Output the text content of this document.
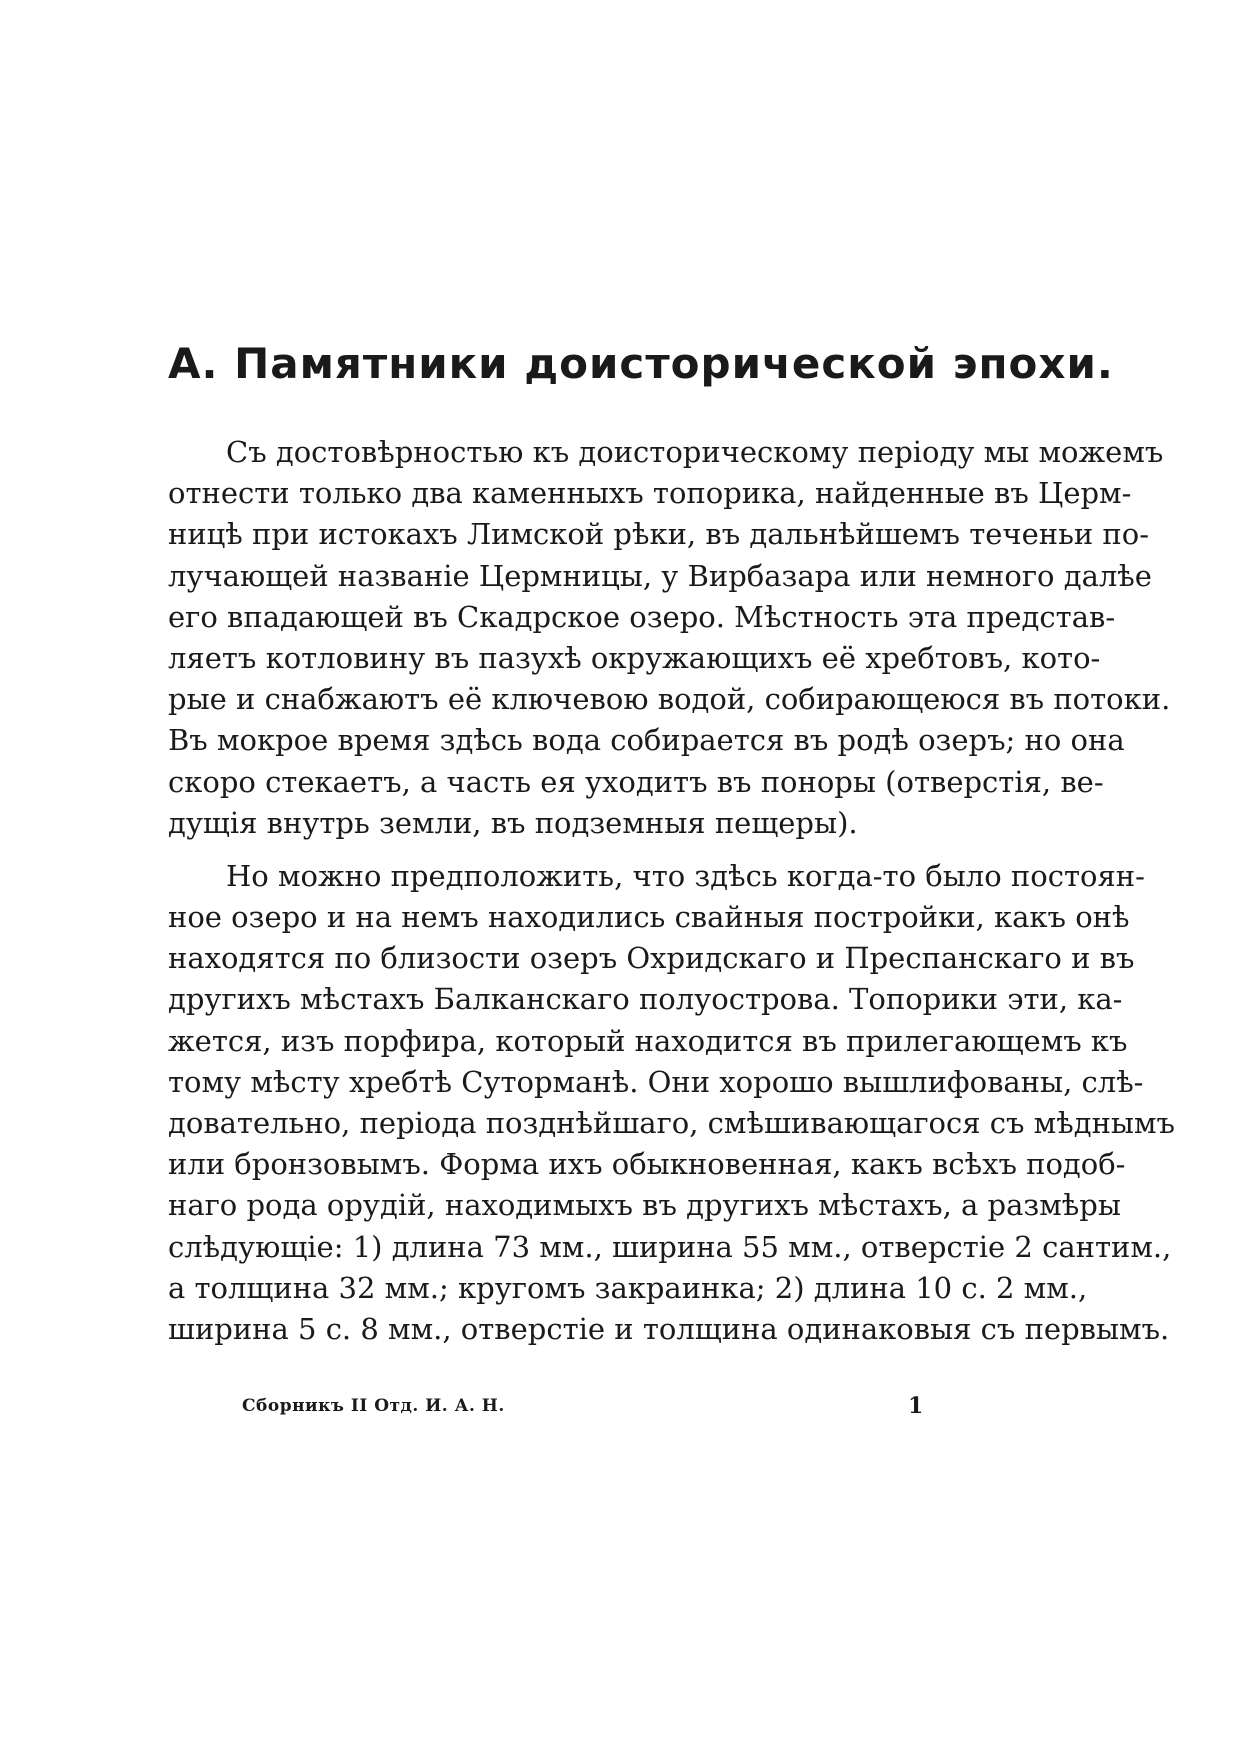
А. Памятники доисторической эпохи.
Съ достовѣрностью къ доисторическому періоду мы можемъ
отнести только два каменныхъ топорика, найденные въ Церм-
ницѣ при истокахъ Лимской рѣки, въ дальнѣйшемъ теченьи по-
лучающей названіе Цермницы, у Вирбазара или немного далѣе
его впадающей въ Скадрское озеро. Мѣстность эта представ-
ляетъ котловину въ пазухѣ окружающихъ её хребтовъ, кото-
рые и снабжаютъ её ключевою водой, собирающеюся въ потоки.
Въ мокрое время здѣсь вода собирается въ родѣ озеръ; но она
скоро стекаетъ, а часть ея уходитъ въ поноры (отверстія, ве-
дущія внутрь земли, въ подземныя пещеры).
Но можно предположить, что здѣсь когда-то было постоян-
ное озеро и на немъ находились свайныя постройки, какъ онѣ
находятся по близости озеръ Охридскаго и Преспанскаго и въ
другихъ мѣстахъ Балканскаго полуострова. Топорики эти, ка-
жется, изъ порфира, который находится въ прилегающемъ къ
тому мѣсту хребтѣ Суторманѣ. Они хорошо вышлифованы, слѣ-
довательно, періода позднѣйшаго, смѣшивающагося съ мѣднымъ
или бронзовымъ. Форма ихъ обыкновенная, какъ всѣхъ подоб-
наго рода орудій, находимыхъ въ другихъ мѣстахъ, а размѣры
слѣдующіе: 1) длина 73 мм., ширина 55 мм., отверстіе 2 сантим.,
а толщина 32 мм.; кругомъ закраинка; 2) длина 10 с. 2 мм.,
ширина 5 с. 8 мм., отверстіе и толщина одинаковыя съ первымъ.
Сборникъ II Отд. И. А. Н.	1
